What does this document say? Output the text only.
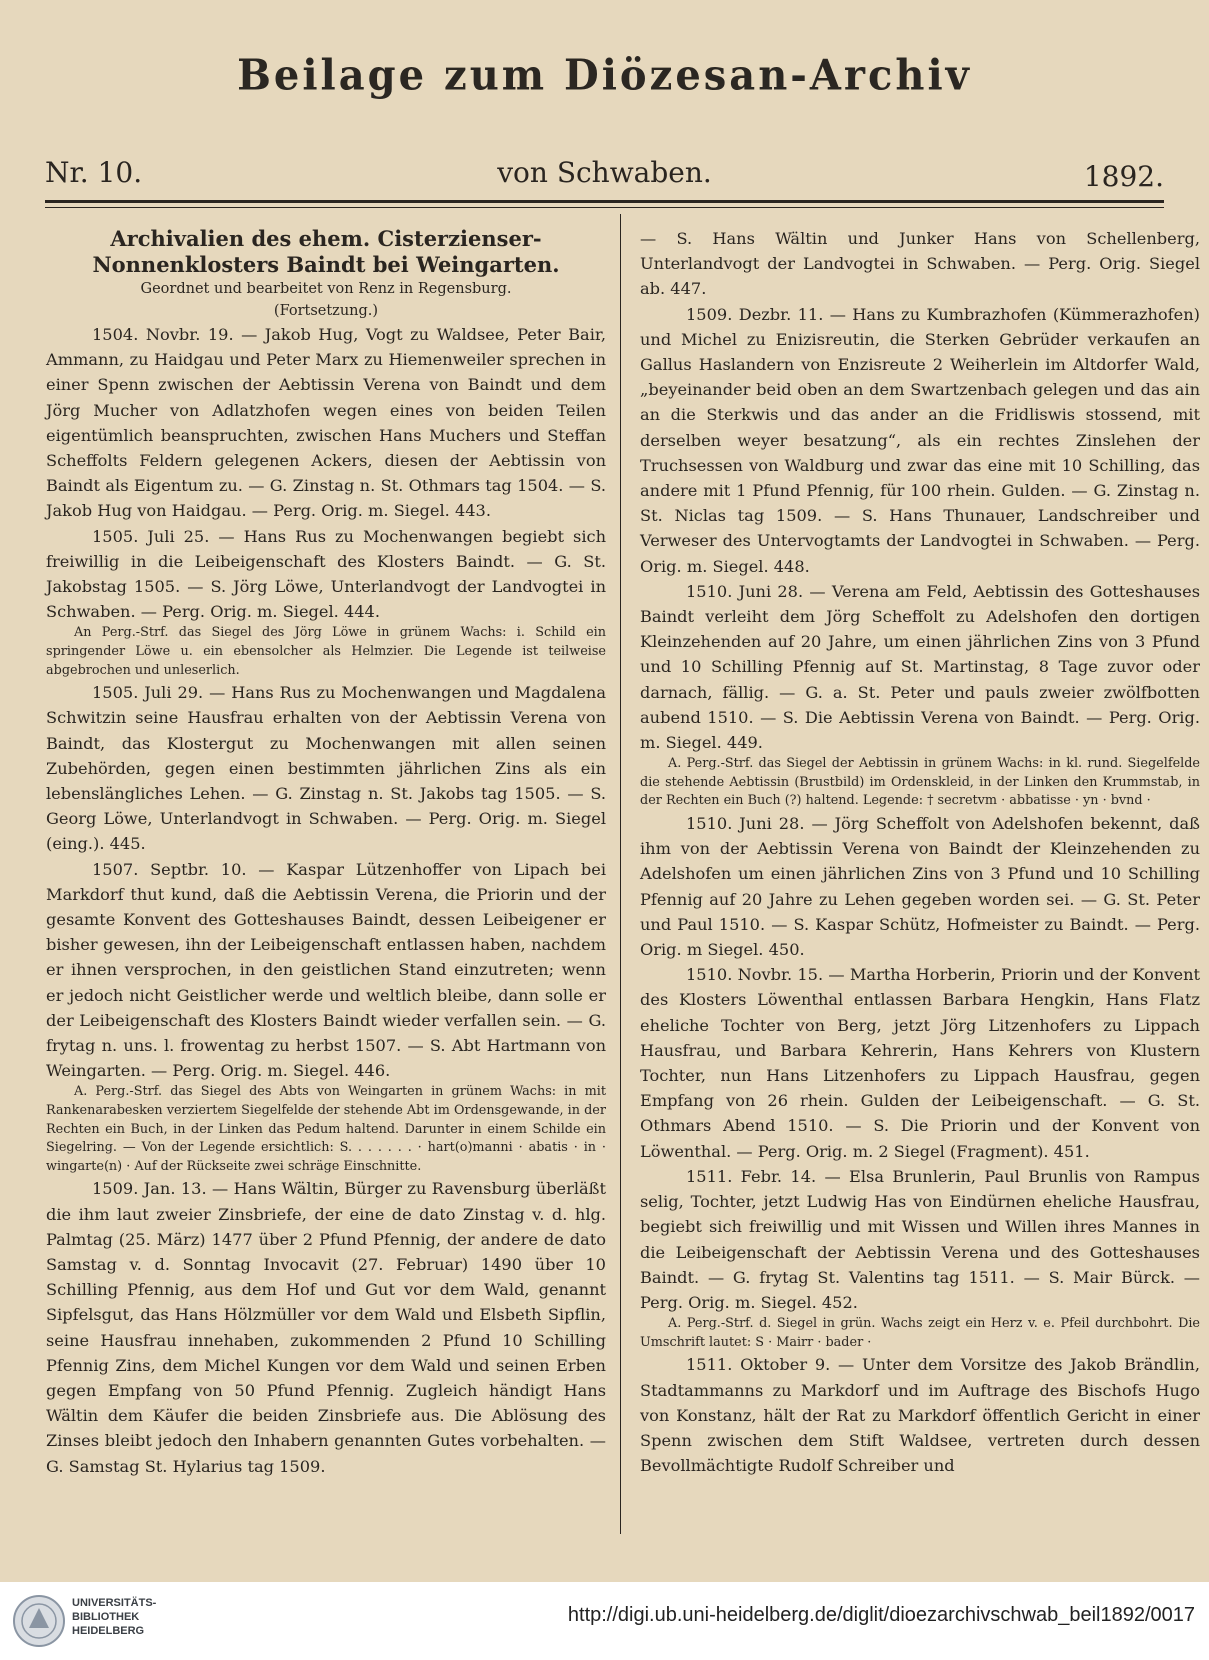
Beilage zum Diözesan-Archiv
Nr. 10.	von Schwaben.	1892.

Archivalien des ehem. Cisterzienser-Nonnenklosters Baindt bei Weingarten.

Geordnet und bearbeitet von Renz in Regensburg.

(Fortsetzung.)

1504. Novbr. 19. — Jakob Hug, Vogt zu Waldsee, Peter Bair, Ammann, zu Haidgau und Peter Marx zu Hiemenweiler sprechen in einer Spenn zwischen der Aebtissin Verena von Baindt und dem Jörg Mucher von Adlatzhofen wegen eines von beiden Teilen eigentümlich beanspruchten, zwischen Hans Muchers und Steffan Scheffolts Feldern gelegenen Ackers, diesen der Aebtissin von Baindt als Eigentum zu. — G. Zinstag n. St. Othmars tag 1504. — S. Jakob Hug von Haidgau. — Perg. Orig. m. Siegel. 443.

1505. Juli 25. — Hans Rus zu Mochenwangen begiebt sich freiwillig in die Leibeigenschaft des Klosters Baindt. — G. St. Jakobstag 1505. — S. Jörg Löwe, Unterlandvogt der Landvogtei in Schwaben. — Perg. Orig. m. Siegel. 444.

An Perg.-Strf. das Siegel des Jörg Löwe in grünem Wachs: i. Schild ein springender Löwe u. ein ebensolcher als Helmzier. Die Legende ist teilweise abgebrochen und unleserlich.

1505. Juli 29. — Hans Rus zu Mochenwangen und Magdalena Schwitzin seine Hausfrau erhalten von der Aebtissin Verena von Baindt, das Klostergut zu Mochenwangen mit allen seinen Zubehörden, gegen einen bestimmten jährlichen Zins als ein lebenslängliches Lehen. — G. Zinstag n. St. Jakobs tag 1505. — S. Georg Löwe, Unterlandvogt in Schwaben. — Perg. Orig. m. Siegel (eing.). 445.

1507. Septbr. 10. — Kaspar Lützenhoffer von Lipach bei Markdorf thut kund, daß die Aebtissin Verena, die Priorin und der gesamte Konvent des Gotteshauses Baindt, dessen Leibeigener er bisher gewesen, ihn der Leibeigenschaft entlassen haben, nachdem er ihnen versprochen, in den geistlichen Stand einzutreten; wenn er jedoch nicht Geistlicher werde und weltlich bleibe, dann solle er der Leibeigenschaft des Klosters Baindt wieder verfallen sein. — G. frytag n. uns. l. frowentag zu herbst 1507. — S. Abt Hartmann von Weingarten. — Perg. Orig. m. Siegel. 446.

A. Perg.-Strf. das Siegel des Abts von Weingarten in grünem Wachs: in mit Rankenarabesken verziertem Siegelfelde der stehende Abt im Ordensgewande, in der Rechten ein Buch, in der Linken das Pedum haltend. Darunter in einem Schilde ein Siegelring. — Von der Legende ersichtlich: S. . . . . . . · hart(o)manni · abatis · in · wingarte(n) · Auf der Rückseite zwei schräge Einschnitte.

1509. Jan. 13. — Hans Wältin, Bürger zu Ravensburg überläßt die ihm laut zweier Zinsbriefe, der eine de dato Zinstag v. d. hlg. Palmtag (25. März) 1477 über 2 Pfund Pfennig, der andere de dato Samstag v. d. Sonntag Invocavit (27. Februar) 1490 über 10 Schilling Pfennig, aus dem Hof und Gut vor dem Wald, genannt Sipfelsgut, das Hans Hölzmüller vor dem Wald und Elsbeth Sipflin, seine Hausfrau innehaben, zukommenden 2 Pfund 10 Schilling Pfennig Zins, dem Michel Kungen vor dem Wald und seinen Erben gegen Empfang von 50 Pfund Pfennig. Zugleich händigt Hans Wältin dem Käufer die beiden Zinsbriefe aus. Die Ablösung des Zinses bleibt jedoch den Inhabern genannten Gutes vorbehalten. — G. Samstag St. Hylarius tag 1509.

— S. Hans Wältin und Junker Hans von Schellenberg, Unterlandvogt der Landvogtei in Schwaben. — Perg. Orig. Siegel ab. 447.

1509. Dezbr. 11. — Hans zu Kumbrazhofen (Kümmerazhofen) und Michel zu Enizisreutin, die Sterken Gebrüder verkaufen an Gallus Haslandern von Enzisreute 2 Weiherlein im Altdorfer Wald, „beyeinander beid oben an dem Swartzenbach gelegen und das ain an die Sterkwis und das ander an die Fridliswis stossend, mit derselben weyer besatzung“, als ein rechtes Zinslehen der Truchsessen von Waldburg und zwar das eine mit 10 Schilling, das andere mit 1 Pfund Pfennig, für 100 rhein. Gulden. — G. Zinstag n. St. Niclas tag 1509. — S. Hans Thunauer, Landschreiber und Verweser des Untervogtamts der Landvogtei in Schwaben. — Perg. Orig. m. Siegel. 448.

1510. Juni 28. — Verena am Feld, Aebtissin des Gotteshauses Baindt verleiht dem Jörg Scheffolt zu Adelshofen den dortigen Kleinzehenden auf 20 Jahre, um einen jährlichen Zins von 3 Pfund und 10 Schilling Pfennig auf St. Martinstag, 8 Tage zuvor oder darnach, fällig. — G. a. St. Peter und pauls zweier zwölfbotten aubend 1510. — S. Die Aebtissin Verena von Baindt. — Perg. Orig. m. Siegel. 449.

A. Perg.-Strf. das Siegel der Aebtissin in grünem Wachs: in kl. rund. Siegelfelde die stehende Aebtissin (Brustbild) im Ordenskleid, in der Linken den Krummstab, in der Rechten ein Buch (?) haltend. Legende: † secretvm · abbatisse · yn · bvnd ·

1510. Juni 28. — Jörg Scheffolt von Adelshofen bekennt, daß ihm von der Aebtissin Verena von Baindt der Kleinzehenden zu Adelshofen um einen jährlichen Zins von 3 Pfund und 10 Schilling Pfennig auf 20 Jahre zu Lehen gegeben worden sei. — G. St. Peter und Paul 1510. — S. Kaspar Schütz, Hofmeister zu Baindt. — Perg. Orig. m Siegel. 450.

1510. Novbr. 15. — Martha Horberin, Priorin und der Konvent des Klosters Löwenthal entlassen Barbara Hengkin, Hans Flatz eheliche Tochter von Berg, jetzt Jörg Litzenhofers zu Lippach Hausfrau, und Barbara Kehrerin, Hans Kehrers von Klustern Tochter, nun Hans Litzenhofers zu Lippach Hausfrau, gegen Empfang von 26 rhein. Gulden der Leibeigenschaft. — G. St. Othmars Abend 1510. — S. Die Priorin und der Konvent von Löwenthal. — Perg. Orig. m. 2 Siegel (Fragment). 451.

1511. Febr. 14. — Elsa Brunlerin, Paul Brunlis von Rampus selig, Tochter, jetzt Ludwig Has von Eindürnen eheliche Hausfrau, begiebt sich freiwillig und mit Wissen und Willen ihres Mannes in die Leibeigenschaft der Aebtissin Verena und des Gotteshauses Baindt. — G. frytag St. Valentins tag 1511. — S. Mair Bürck. — Perg. Orig. m. Siegel. 452.

A. Perg.-Strf. d. Siegel in grün. Wachs zeigt ein Herz v. e. Pfeil durchbohrt. Die Umschrift lautet: S · Mairr · bader ·

1511. Oktober 9. — Unter dem Vorsitze des Jakob Brändlin, Stadtammanns zu Markdorf und im Auftrage des Bischofs Hugo von Konstanz, hält der Rat zu Markdorf öffentlich Gericht in einer Spenn zwischen dem Stift Waldsee, vertreten durch dessen Bevollmächtigte Rudolf Schreiber und

UNIVERSITÄTS-
BIBLIOTHEK
HEIDELBERG
http://digi.ub.uni-heidelberg.de/diglit/dioezarchivschwab_beil1892/0017
